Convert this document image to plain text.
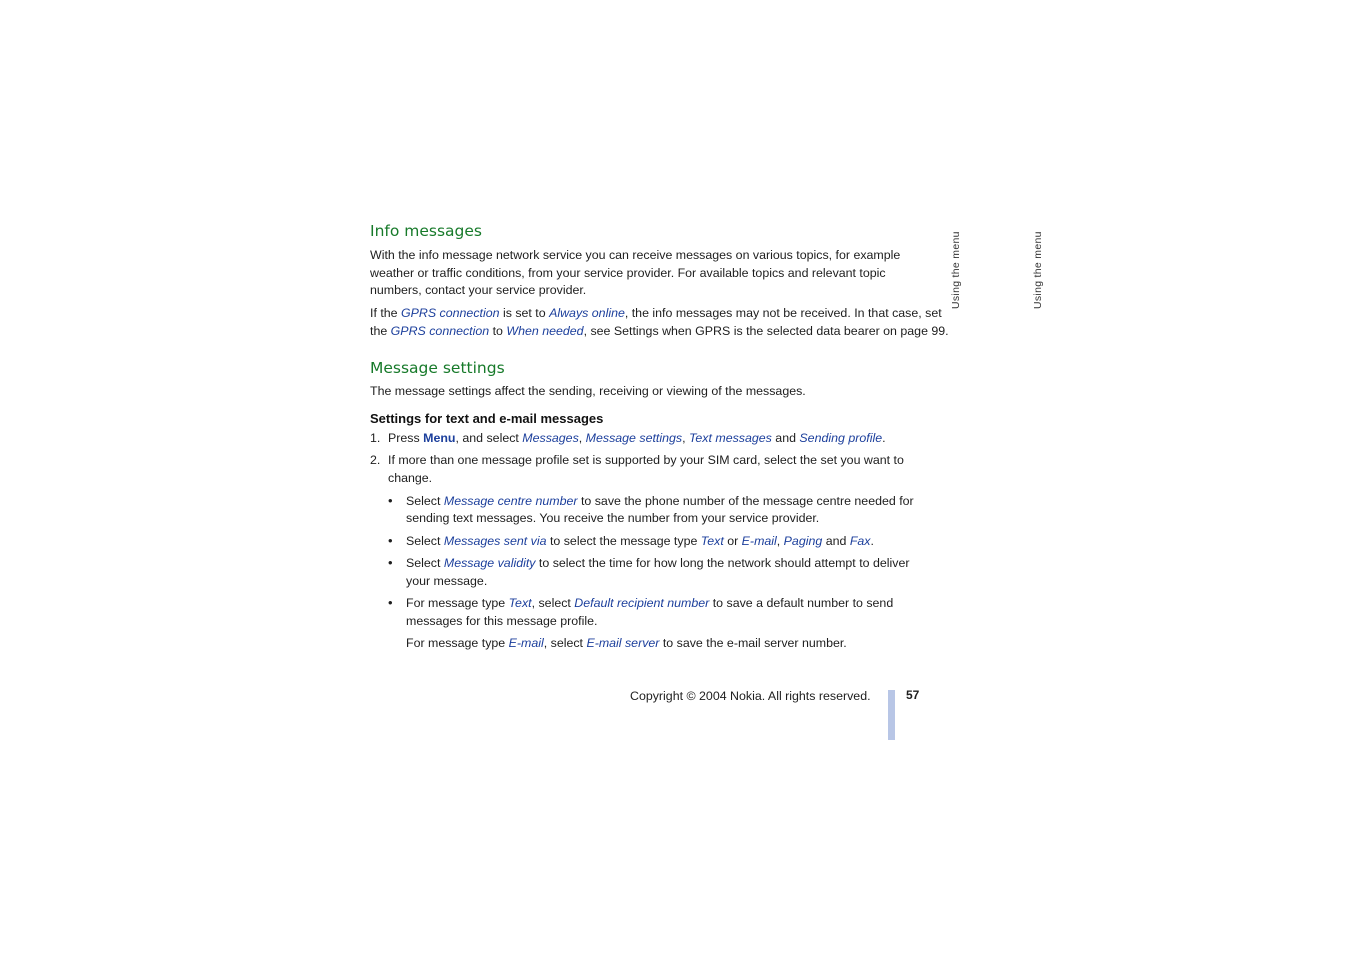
Info messages
With the info message network service you can receive messages on various topics, for example
weather or traffic conditions, from your service provider. For available topics and relevant topic
numbers, contact your service provider.
If the GPRS connection is set to Always online, the info messages may not be received. In that case, set
the GPRS connection to When needed, see Settings when GPRS is the selected data bearer on page 99.
Message settings
The message settings affect the sending, receiving or viewing of the messages.
Settings for text and e-mail messages
1. Press Menu, and select Messages, Message settings, Text messages and Sending profile.
2. If more than one message profile set is supported by your SIM card, select the set you want to
change.
• Select Message centre number to save the phone number of the message centre needed for
sending text messages. You receive the number from your service provider.
• Select Messages sent via to select the message type Text or E-mail, Paging and Fax.
• Select Message validity to select the time for how long the network should attempt to deliver
your message.
• For message type Text, select Default recipient number to save a default number to send
messages for this message profile.
For message type E-mail, select E-mail server to save the e-mail server number.
Using the menu	Using the menu
Copyright © 2004 Nokia. All rights reserved.	57
